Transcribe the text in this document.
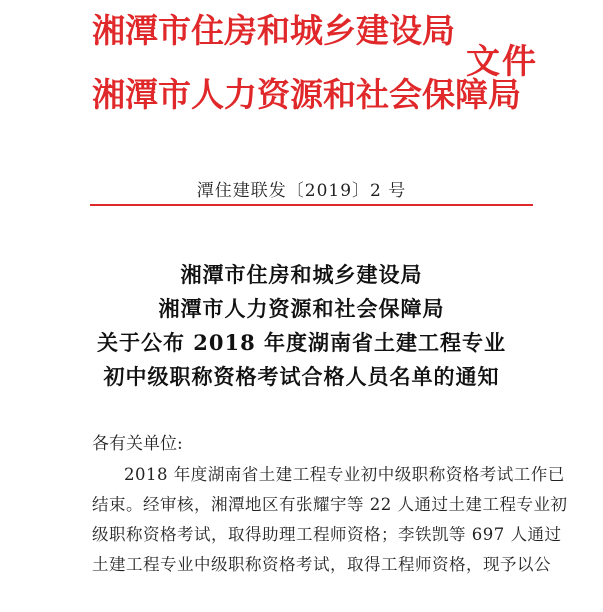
湘潭市住房和城乡建设局
湘潭市人力资源和社会保障局
文件
潭住建联发〔2019〕2 号
湘潭市住房和城乡建设局
湘潭市人力资源和社会保障局
关于公布 2018 年度湖南省土建工程专业
初中级职称资格考试合格人员名单的通知
各有关单位:
2018 年度湖南省土建工程专业初中级职称资格考试工作已
结束。经审核，湘潭地区有张耀宇等 22 人通过土建工程专业初
级职称资格考试，取得助理工程师资格；李铁凯等 697 人通过
土建工程专业中级职称资格考试，取得工程师资格，现予以公
